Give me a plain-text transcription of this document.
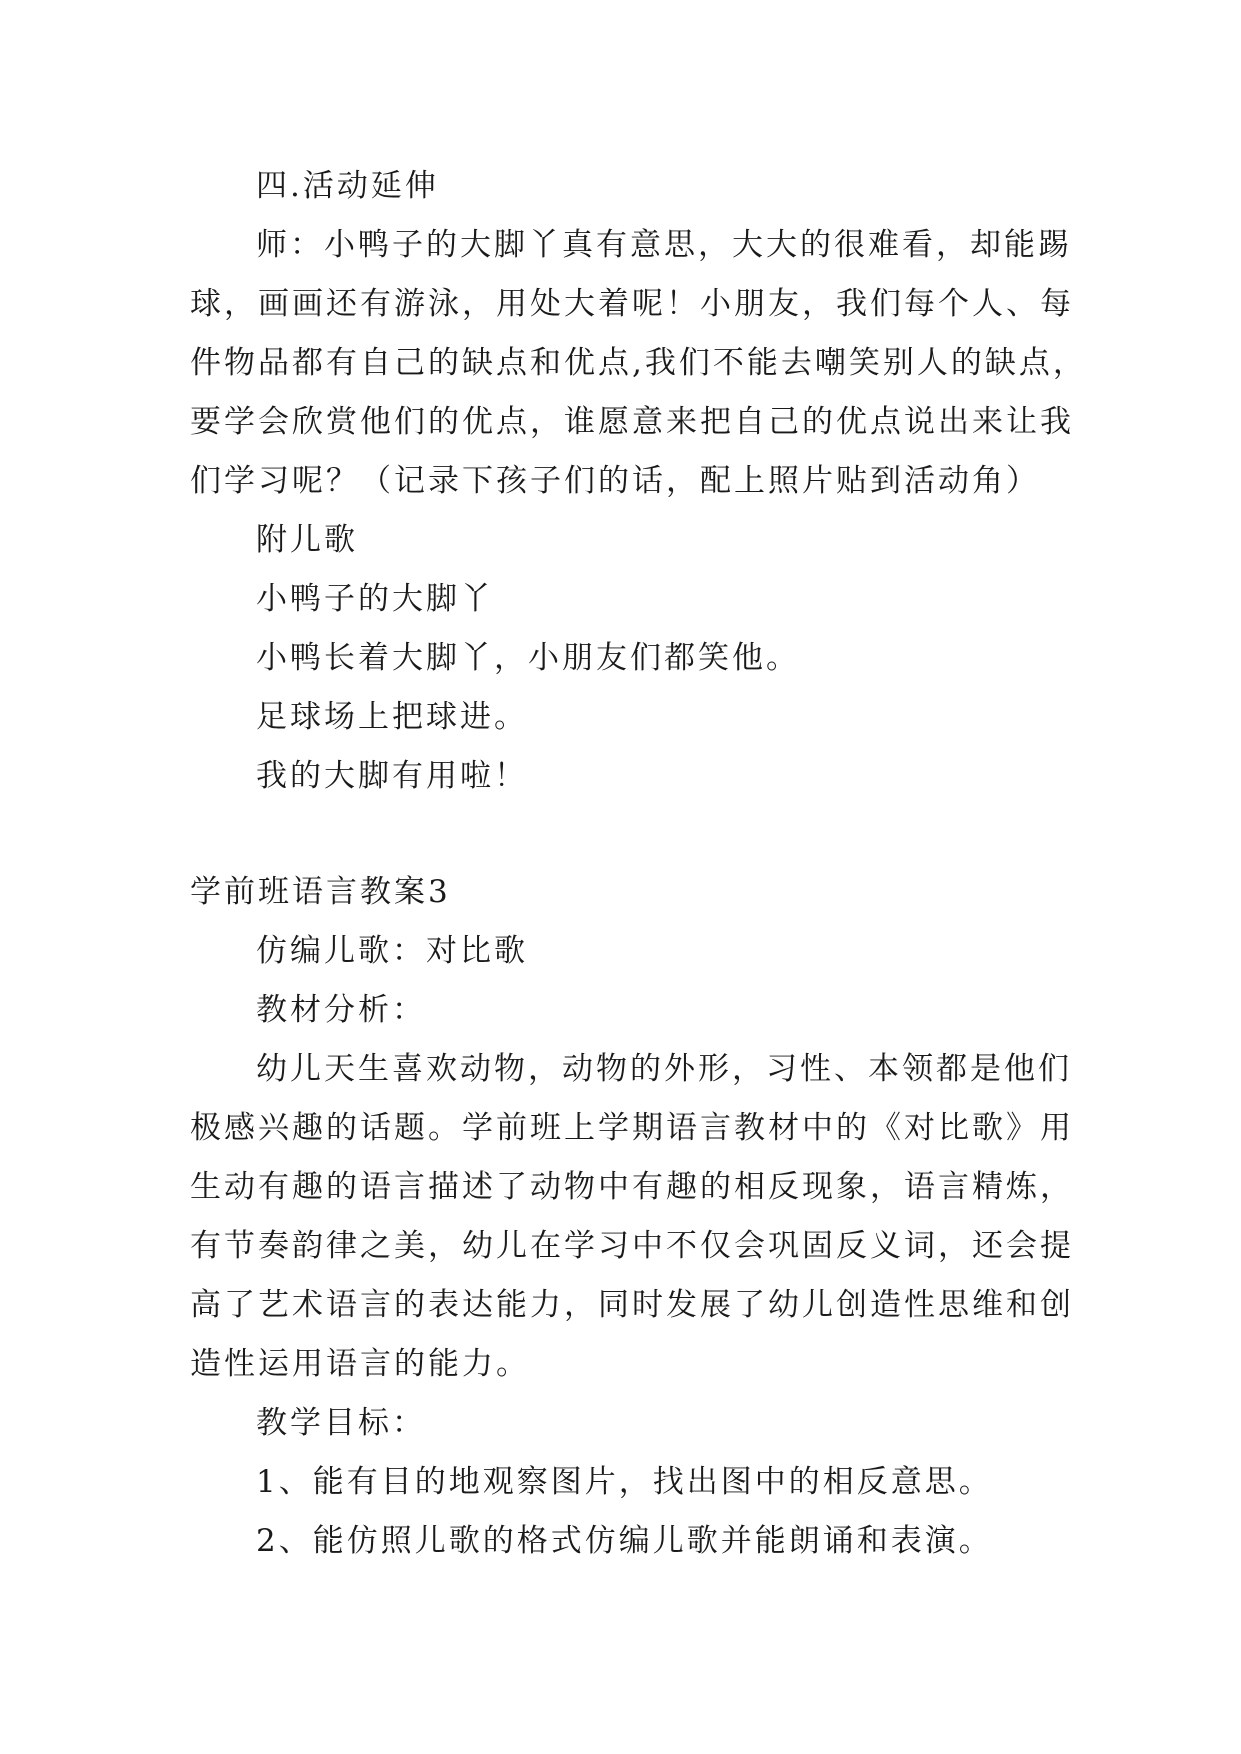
四.活动延伸
师：小鸭子的大脚丫真有意思，大大的很难看，却能踢
球，画画还有游泳，用处大着呢！小朋友，我们每个人、每
件物品都有自己的缺点和优点,我们不能去嘲笑别人的缺点，
要学会欣赏他们的优点，谁愿意来把自己的优点说出来让我
们学习呢？（记录下孩子们的话，配上照片贴到活动角）
附儿歌
小鸭子的大脚丫
小鸭长着大脚丫，小朋友们都笑他。
足球场上把球进。
我的大脚有用啦！
学前班语言教案3
仿编儿歌：对比歌
教材分析：
幼儿天生喜欢动物，动物的外形，习性、本领都是他们
极感兴趣的话题。学前班上学期语言教材中的《对比歌》用
生动有趣的语言描述了动物中有趣的相反现象，语言精炼，
有节奏韵律之美，幼儿在学习中不仅会巩固反义词，还会提
高了艺术语言的表达能力，同时发展了幼儿创造性思维和创
造性运用语言的能力。
教学目标：
1、能有目的地观察图片，找出图中的相反意思。
2、能仿照儿歌的格式仿编儿歌并能朗诵和表演。
